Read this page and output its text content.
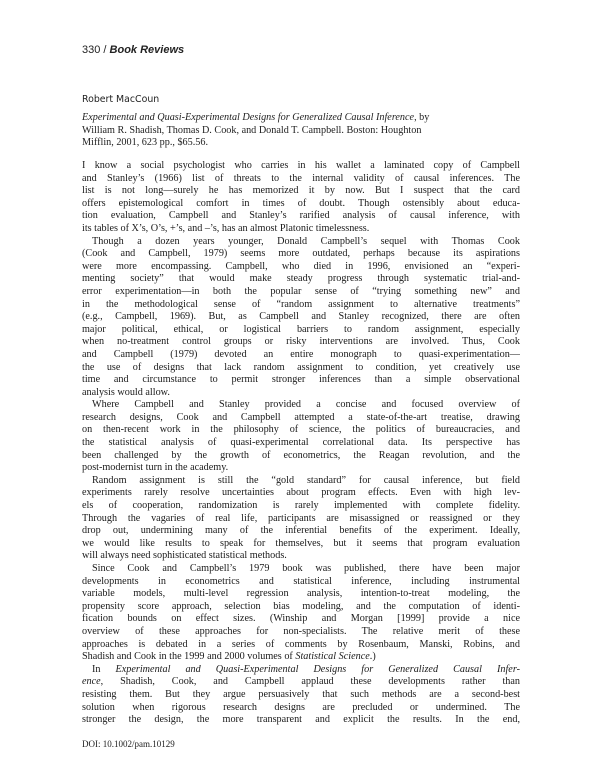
330 / Book Reviews
Robert MacCoun
Experimental and Quasi-Experimental Designs for Generalized Causal Inference, by
William R. Shadish, Thomas D. Cook, and Donald T. Campbell. Boston: Houghton
Mifflin, 2001, 623 pp., $65.56.
I know a social psychologist who carries in his wallet a laminated copy of Campbell
and Stanley’s (1966) list of threats to the internal validity of causal inferences. The
list is not long—surely he has memorized it by now. But I suspect that the card
offers epistemological comfort in times of doubt. Though ostensibly about educa-
tion evaluation, Campbell and Stanley’s rarified analysis of causal inference, with
its tables of X’s, O’s, +’s, and –’s, has an almost Platonic timelessness.
Though a dozen years younger, Donald Campbell’s sequel with Thomas Cook
(Cook and Campbell, 1979) seems more outdated, perhaps because its aspirations
were more encompassing. Campbell, who died in 1996, envisioned an “experi-
menting society” that would make steady progress through systematic trial-and-
error experimentation—in both the popular sense of “trying something new” and
in the methodological sense of “random assignment to alternative treatments”
(e.g., Campbell, 1969). But, as Campbell and Stanley recognized, there are often
major political, ethical, or logistical barriers to random assignment, especially
when no-treatment control groups or risky interventions are involved. Thus, Cook
and Campbell (1979) devoted an entire monograph to quasi-experimentation—
the use of designs that lack random assignment to condition, yet creatively use
time and circumstance to permit stronger inferences than a simple observational
analysis would allow.
Where Campbell and Stanley provided a concise and focused overview of
research designs, Cook and Campbell attempted a state-of-the-art treatise, drawing
on then-recent work in the philosophy of science, the politics of bureaucracies, and
the statistical analysis of quasi-experimental correlational data. Its perspective has
been challenged by the growth of econometrics, the Reagan revolution, and the
post-modernist turn in the academy.
Random assignment is still the “gold standard” for causal inference, but field
experiments rarely resolve uncertainties about program effects. Even with high lev-
els of cooperation, randomization is rarely implemented with complete fidelity.
Through the vagaries of real life, participants are misassigned or reassigned or they
drop out, undermining many of the inferential benefits of the experiment. Ideally,
we would like results to speak for themselves, but it seems that program evaluation
will always need sophisticated statistical methods.
Since Cook and Campbell’s 1979 book was published, there have been major
developments in econometrics and statistical inference, including instrumental
variable models, multi-level regression analysis, intention-to-treat modeling, the
propensity score approach, selection bias modeling, and the computation of identi-
fication bounds on effect sizes. (Winship and Morgan [1999] provide a nice
overview of these approaches for non-specialists. The relative merit of these
approaches is debated in a series of comments by Rosenbaum, Manski, Robins, and
Shadish and Cook in the 1999 and 2000 volumes of Statistical Science.)
In Experimental and Quasi-Experimental Designs for Generalized Causal Infer-
ence, Shadish, Cook, and Campbell applaud these developments rather than
resisting them. But they argue persuasively that such methods are a second-best
solution when rigorous research designs are precluded or undermined. The
stronger the design, the more transparent and explicit the results. In the end,
DOI: 10.1002/pam.10129
